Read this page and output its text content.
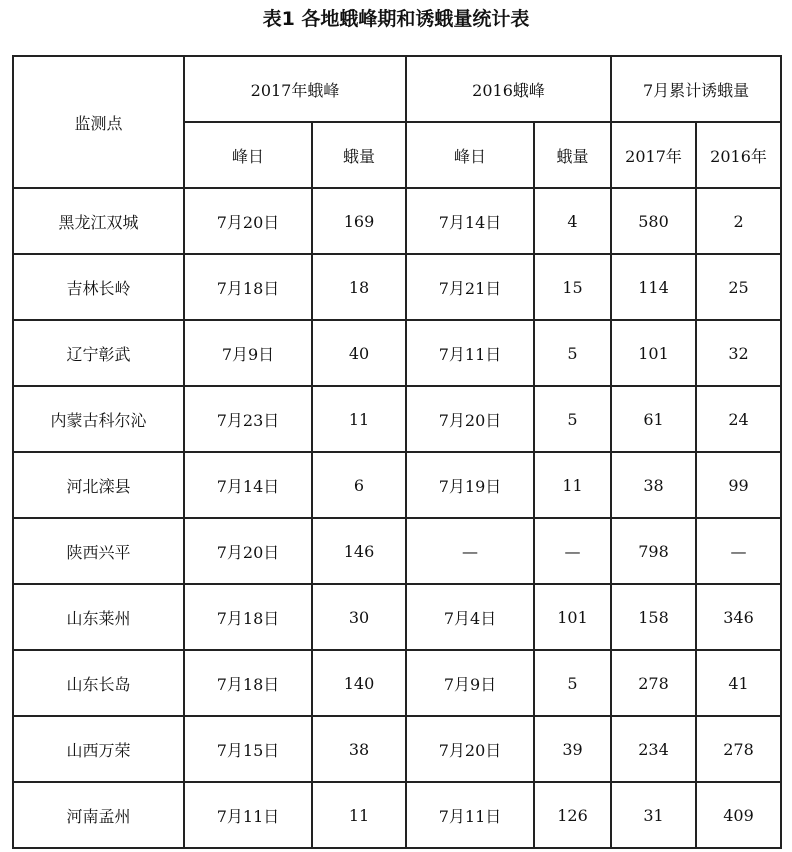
表1 各地蛾峰期和诱蛾量统计表
监测点	2017年蛾峰		2016蛾峰		7月累计诱蛾量	
	峰日	蛾量	峰日	蛾量	2017年	2016年
黑龙江双城	7月20日	169	7月14日	4	580	2
吉林长岭	7月18日	18	7月21日	15	114	25
辽宁彰武	7月9日	40	7月11日	5	101	32
内蒙古科尔沁	7月23日	11	7月20日	5	61	24
河北滦县	7月14日	6	7月19日	11	38	99
陕西兴平	7月20日	146	—	—	798	—
山东莱州	7月18日	30	7月4日	101	158	346
山东长岛	7月18日	140	7月9日	5	278	41
山西万荣	7月15日	38	7月20日	39	234	278
河南孟州	7月11日	11	7月11日	126	31	409
